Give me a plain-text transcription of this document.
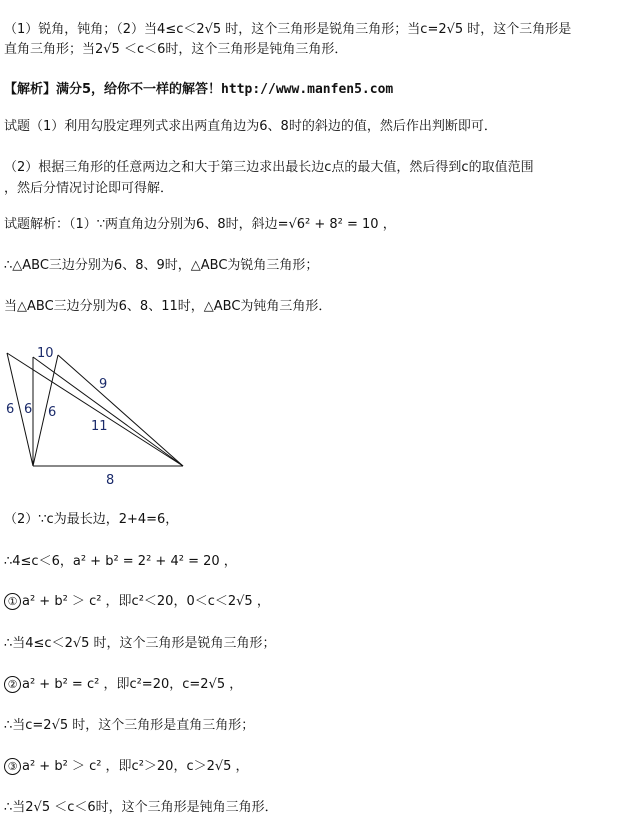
（1）锐角，钝角；（2）当4≤c＜2√5 时，这个三角形是锐角三角形；当c=2√5 时，这个三角形是
直角三角形；当2√5 ＜c＜6时，这个三角形是钝角三角形．
【解析】满分5，给你不一样的解答！http://www.manfen5.com
试题（1）利用勾股定理列式求出两直角边为6、8时的斜边的值，然后作出判断即可．
（2）根据三角形的任意两边之和大于第三边求出最长边c点的最大值，然后得到c的取值范围
，然后分情况讨论即可得解．
试题解析：（1）∵两直角边分别为6、8时，斜边=√6² + 8² = 10 ，
∴△ABC三边分别为6、8、9时，△ABC为锐角三角形；
当△ABC三边分别为6、8、11时，△ABC为钝角三角形．
10
9
6 6 6
11
8
（2）∵c为最长边，2+4=6，
∴4≤c＜6，a² + b² = 2² + 4² = 20 ，
① a² + b² ＞ c² ，即c²＜20，0＜c＜2√5 ，
∴当4≤c＜2√5 时，这个三角形是锐角三角形；
② a² + b² = c² ，即c²=20，c=2√5 ，
∴当c=2√5 时，这个三角形是直角三角形；
③ a² + b² ＞ c² ，即c²＞20，c＞2√5 ，
∴当2√5 ＜c＜6时，这个三角形是钝角三角形．
